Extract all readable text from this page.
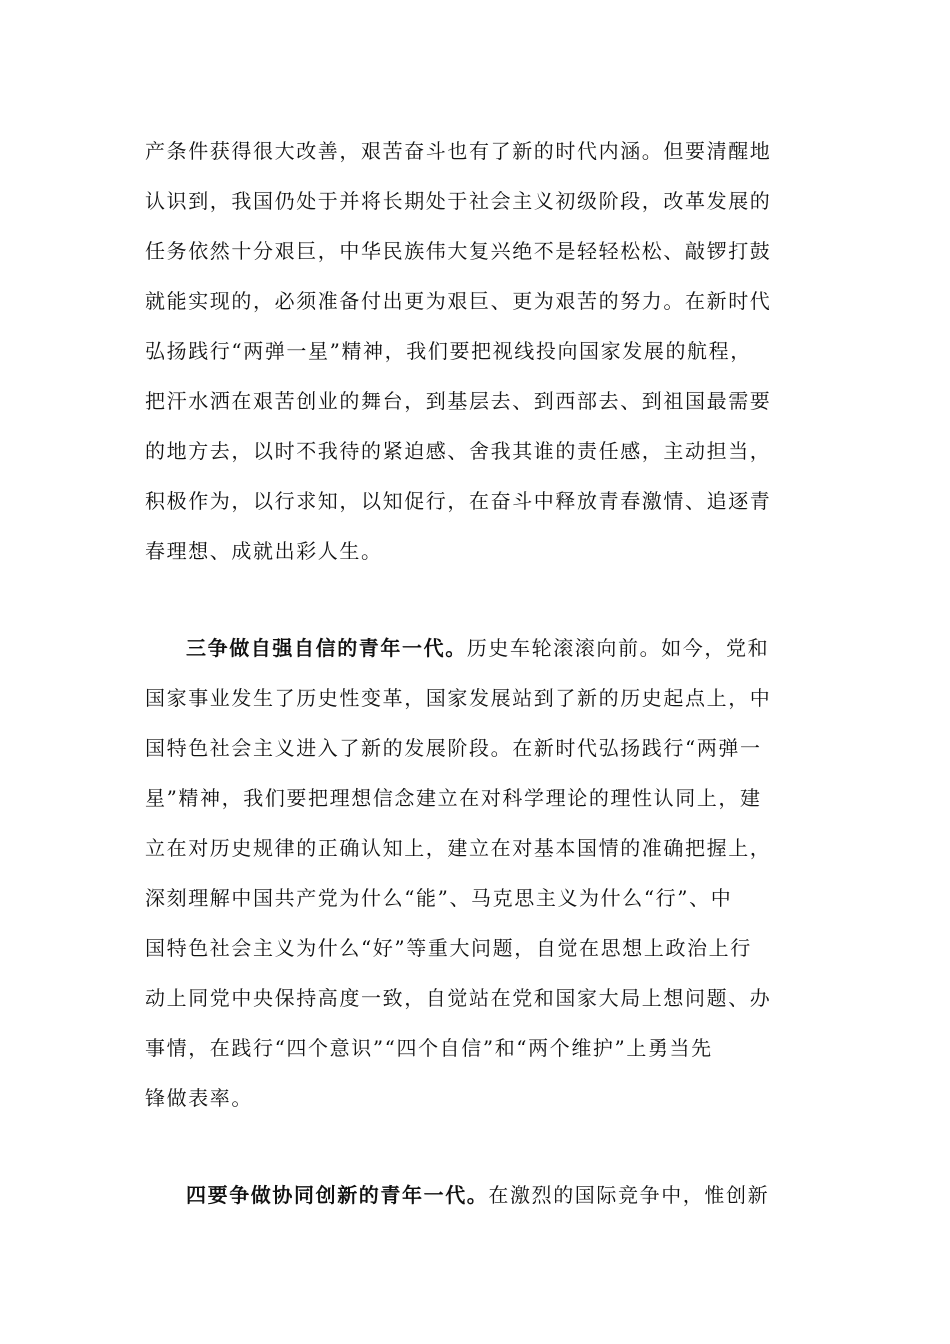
产条件获得很大改善，艰苦奋斗也有了新的时代内涵。但要清醒地
认识到，我国仍处于并将长期处于社会主义初级阶段，改革发展的
任务依然十分艰巨，中华民族伟大复兴绝不是轻轻松松、敲锣打鼓
就能实现的，必须准备付出更为艰巨、更为艰苦的努力。在新时代
弘扬践行“两弹一星”精神，我们要把视线投向国家发展的航程，
把汗水洒在艰苦创业的舞台，到基层去、到西部去、到祖国最需要
的地方去，以时不我待的紧迫感、舍我其谁的责任感，主动担当，
积极作为，以行求知，以知促行，在奋斗中释放青春激情、追逐青
春理想、成就出彩人生。
三争做自强自信的青年一代。历史车轮滚滚向前。如今，党和
国家事业发生了历史性变革，国家发展站到了新的历史起点上，中
国特色社会主义进入了新的发展阶段。在新时代弘扬践行“两弹一
星”精神，我们要把理想信念建立在对科学理论的理性认同上，建
立在对历史规律的正确认知上，建立在对基本国情的准确把握上，
深刻理解中国共产党为什么“能”、马克思主义为什么“行”、中
国特色社会主义为什么“好”等重大问题，自觉在思想上政治上行
动上同党中央保持高度一致，自觉站在党和国家大局上想问题、办
事情，在践行“四个意识”“四个自信”和“两个维护”上勇当先
锋做表率。
四要争做协同创新的青年一代。在激烈的国际竞争中，惟创新
